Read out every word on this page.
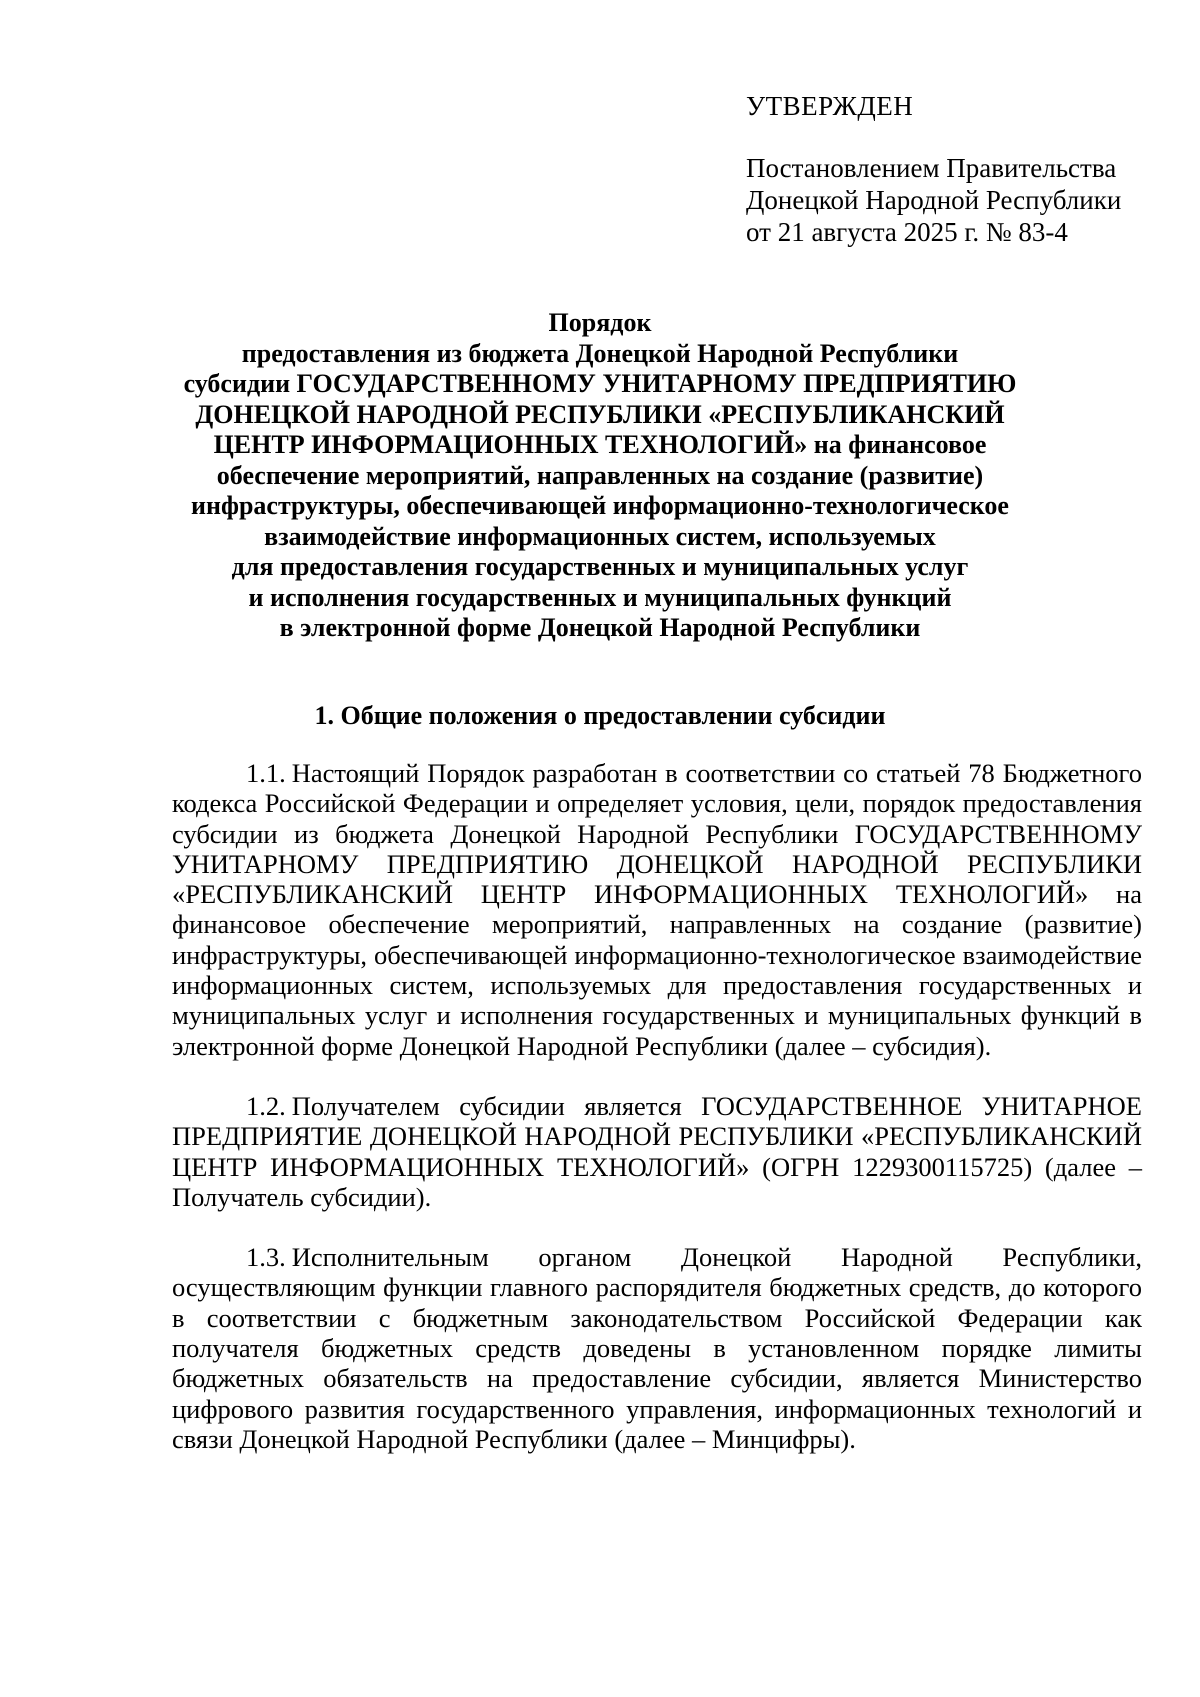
УТВЕРЖДЕН

Постановлением Правительства
Донецкой Народной Республики
от 21 августа 2025 г. № 83-4

Порядок

предоставления из бюджета Донецкой Народной Республики
субсидии ГОСУДАРСТВЕННОМУ УНИТАРНОМУ ПРЕДПРИЯТИЮ
ДОНЕЦКОЙ НАРОДНОЙ РЕСПУБЛИКИ «РЕСПУБЛИКАНСКИЙ
ЦЕНТР ИНФОРМАЦИОННЫХ ТЕХНОЛОГИЙ» на финансовое
обеспечение мероприятий, направленных на создание (развитие)
инфраструктуры, обеспечивающей информационно-технологическое
взаимодействие информационных систем, используемых
для предоставления государственных и муниципальных услуг
и исполнения государственных и муниципальных функций
в электронной форме Донецкой Народной Республики

1. Общие положения о предоставлении субсидии

1.1. Настоящий Порядок разработан в соответствии со статьей 78 Бюджетного кодекса Российской Федерации и определяет условия, цели, порядок предоставления субсидии из бюджета Донецкой Народной Республики ГОСУДАРСТВЕННОМУ УНИТАРНОМУ ПРЕДПРИЯТИЮ ДОНЕЦКОЙ НАРОДНОЙ РЕСПУБЛИКИ «РЕСПУБЛИКАНСКИЙ ЦЕНТР ИНФОРМАЦИОННЫХ ТЕХНОЛОГИЙ» на финансовое обеспечение мероприятий, направленных на создание (развитие) инфраструктуры, обеспечивающей информационно-технологическое взаимодействие информационных систем, используемых для предоставления государственных и муниципальных услуг и исполнения государственных и муниципальных функций в электронной форме Донецкой Народной Республики (далее – субсидия).

1.2. Получателем субсидии является ГОСУДАРСТВЕННОЕ УНИТАРНОЕ ПРЕДПРИЯТИЕ ДОНЕЦКОЙ НАРОДНОЙ РЕСПУБЛИКИ «РЕСПУБЛИКАНСКИЙ ЦЕНТР ИНФОРМАЦИОННЫХ ТЕХНОЛОГИЙ» (ОГРН 1229300115725) (далее – Получатель субсидии).

1.3. Исполнительным органом Донецкой Народной Республики, осуществляющим функции главного распорядителя бюджетных средств, до которого в соответствии с бюджетным законодательством Российской Федерации как получателя бюджетных средств доведены в установленном порядке лимиты бюджетных обязательств на предоставление субсидии, является Министерство цифрового развития государственного управления, информационных технологий и связи Донецкой Народной Республики (далее – Минцифры).
